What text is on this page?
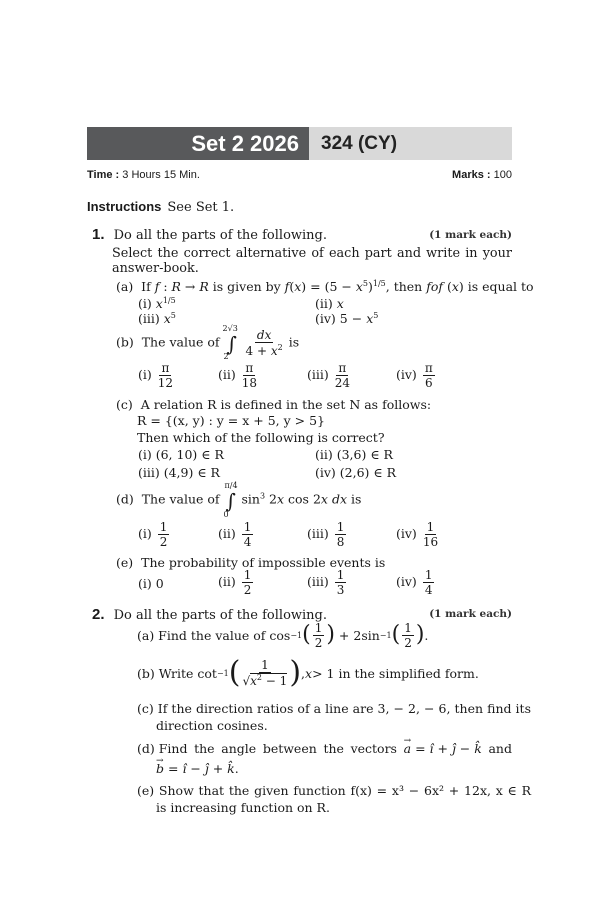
Set 2 2026	324 (CY)
Time : 3 Hours 15 Min.	Marks : 100
Instructions See Set 1.
1. Do all the parts of the following.	(1 mark each)
Select the correct alternative of each part and write in your answer-book.
(a)  If f : R → R is given by $f(x) = (5 - x^5)^{1/5}$, then fof (x) is equal to
(i) $x^{1/5}$	(ii) x
(iii) $x^5$	(iv) $5 - x^5$
(b)  The value of
2√3
∫
2
$\frac{dx}{4 + x^2}$ is
$(i) \frac{\pi}{12}$	$(ii) \frac{\pi}{18}$	$(iii) \frac{\pi}{24}$	$(iv) \frac{\pi}{6}$
(c) A relation R is defined in the set N as follows:
R = {(x, y) : y = x + 5, y > 5}
Then which of the following is correct?
(i) (6, 10) ∈ R	(ii) (3,6) ∈ R
(iii) (4,9) ∈ R	(iv) (2,6) ∈ R
(d)  The value of
π/4
∫
0
$\sin^3 2x$ cos 2x dx is
$(i) \frac{1}{2}$	$(ii) \frac{1}{4}$	$(iii) \frac{1}{8}$	$(iv) \frac{1}{16}$
(e) The probability of impossible events is
(i) 0	$(ii) \frac{1}{2}$	$(iii) \frac{1}{3}$	$(iv) \frac{1}{4}$
2. Do all the parts of the following.	(1 mark each)
(a) Find the value of cos −1 ( $\frac{1}{2}$ ) + 2sin −1 ( $\frac{1}{2}$ ) .
(b) Write cot −1 ( $\frac{1}{√x^2 - 1}$ ) , x > 1 in the simplified form.
(c) If the direction ratios of a line are 3, − 2, − 6, then find its direction cosines.
(d) Find the angle between the vectors
→ a = î + ĵ − k̂ and
→ b = î − ĵ + k̂.
(e) Show that the given function f(x) = x³ − 6x² + 12x, x ∈ R is increasing function on R.
